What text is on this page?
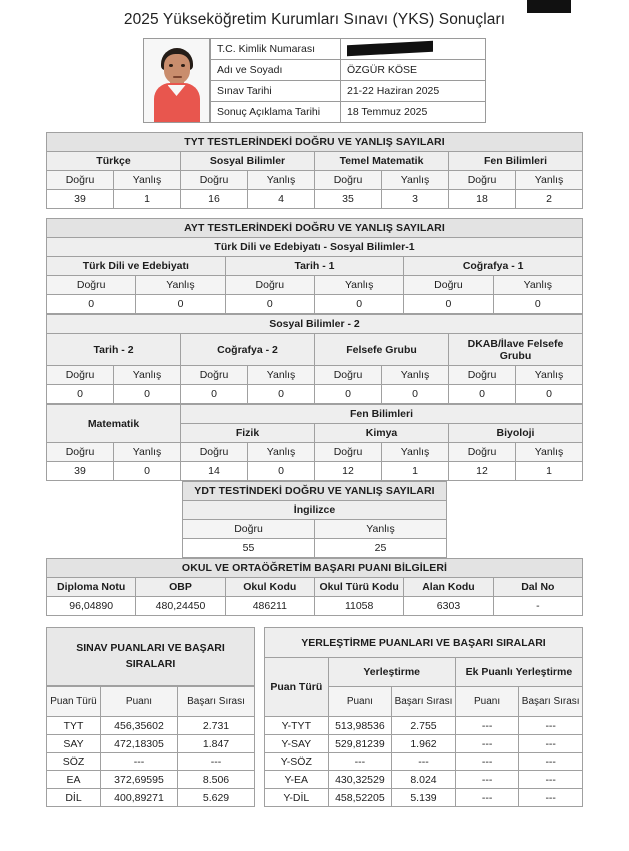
2025 Yükseköğretim Kurumları Sınavı (YKS) Sonuçları
T.C. Kimlik Numarası	
Adı ve Soyadı	ÖZGÜR KÖSE
Sınav Tarihi	21-22 Haziran 2025
Sonuç Açıklama Tarihi	18 Temmuz 2025
TYT TESTLERİNDEKİ DOĞRU VE YANLIŞ SAYILARI							
Türkçe		Sosyal Bilimler		Temel Matematik		Fen Bilimleri	
Doğru	Yanlış	Doğru	Yanlış	Doğru	Yanlış	Doğru	Yanlış
39	1	16	4	35	3	18	2
AYT TESTLERİNDEKİ DOĞRU VE YANLIŞ SAYILARI					
Türk Dili ve Edebiyatı - Sosyal Bilimler-1					
Türk Dili ve Edebiyatı		Tarih - 1		Coğrafya - 1	
Doğru	Yanlış	Doğru	Yanlış	Doğru	Yanlış
0	0	0	0	0	0
Sosyal Bilimler - 2							
Tarih - 2		Coğrafya - 2		Felsefe Grubu		DKAB/İlave Felsefe Grubu	
Doğru	Yanlış	Doğru	Yanlış	Doğru	Yanlış	Doğru	Yanlış
0	0	0	0	0	0	0	0
Matematik		Fen Bilimleri					
		Fizik		Kimya		Biyoloji	
Doğru	Yanlış	Doğru	Yanlış	Doğru	Yanlış	Doğru	Yanlış
39	0	14	0	12	1	12	1
YDT TESTİNDEKİ DOĞRU VE YANLIŞ SAYILARI	
İngilizce	
Doğru	Yanlış
55	25
OKUL VE ORTAÖĞRETİM BAŞARI PUANI BİLGİLERİ					
Diploma Notu	OBP	Okul Kodu	Okul Türü Kodu	Alan Kodu	Dal No
96,04890	480,24450	486211	11058	6303	-
SINAV PUANLARI VE BAŞARI SIRALARI
Puan Türü	Puanı	Başarı Sırası
TYT	456,35602	2.731
SAY	472,18305	1.847
SÖZ	---	---
EA	372,69595	8.506
DİL	400,89271	5.629
YERLEŞTİRME PUANLARI VE BAŞARI SIRALARI				
Puan Türü	Yerleştirme		Ek Puanlı Yerleştirme	
	Puanı	Başarı Sırası	Puanı	Başarı Sırası
Y-TYT	513,98536	2.755	---	---
Y-SAY	529,81239	1.962	---	---
Y-SÖZ	---	---	---	---
Y-EA	430,32529	8.024	---	---
Y-DİL	458,52205	5.139	---	---
